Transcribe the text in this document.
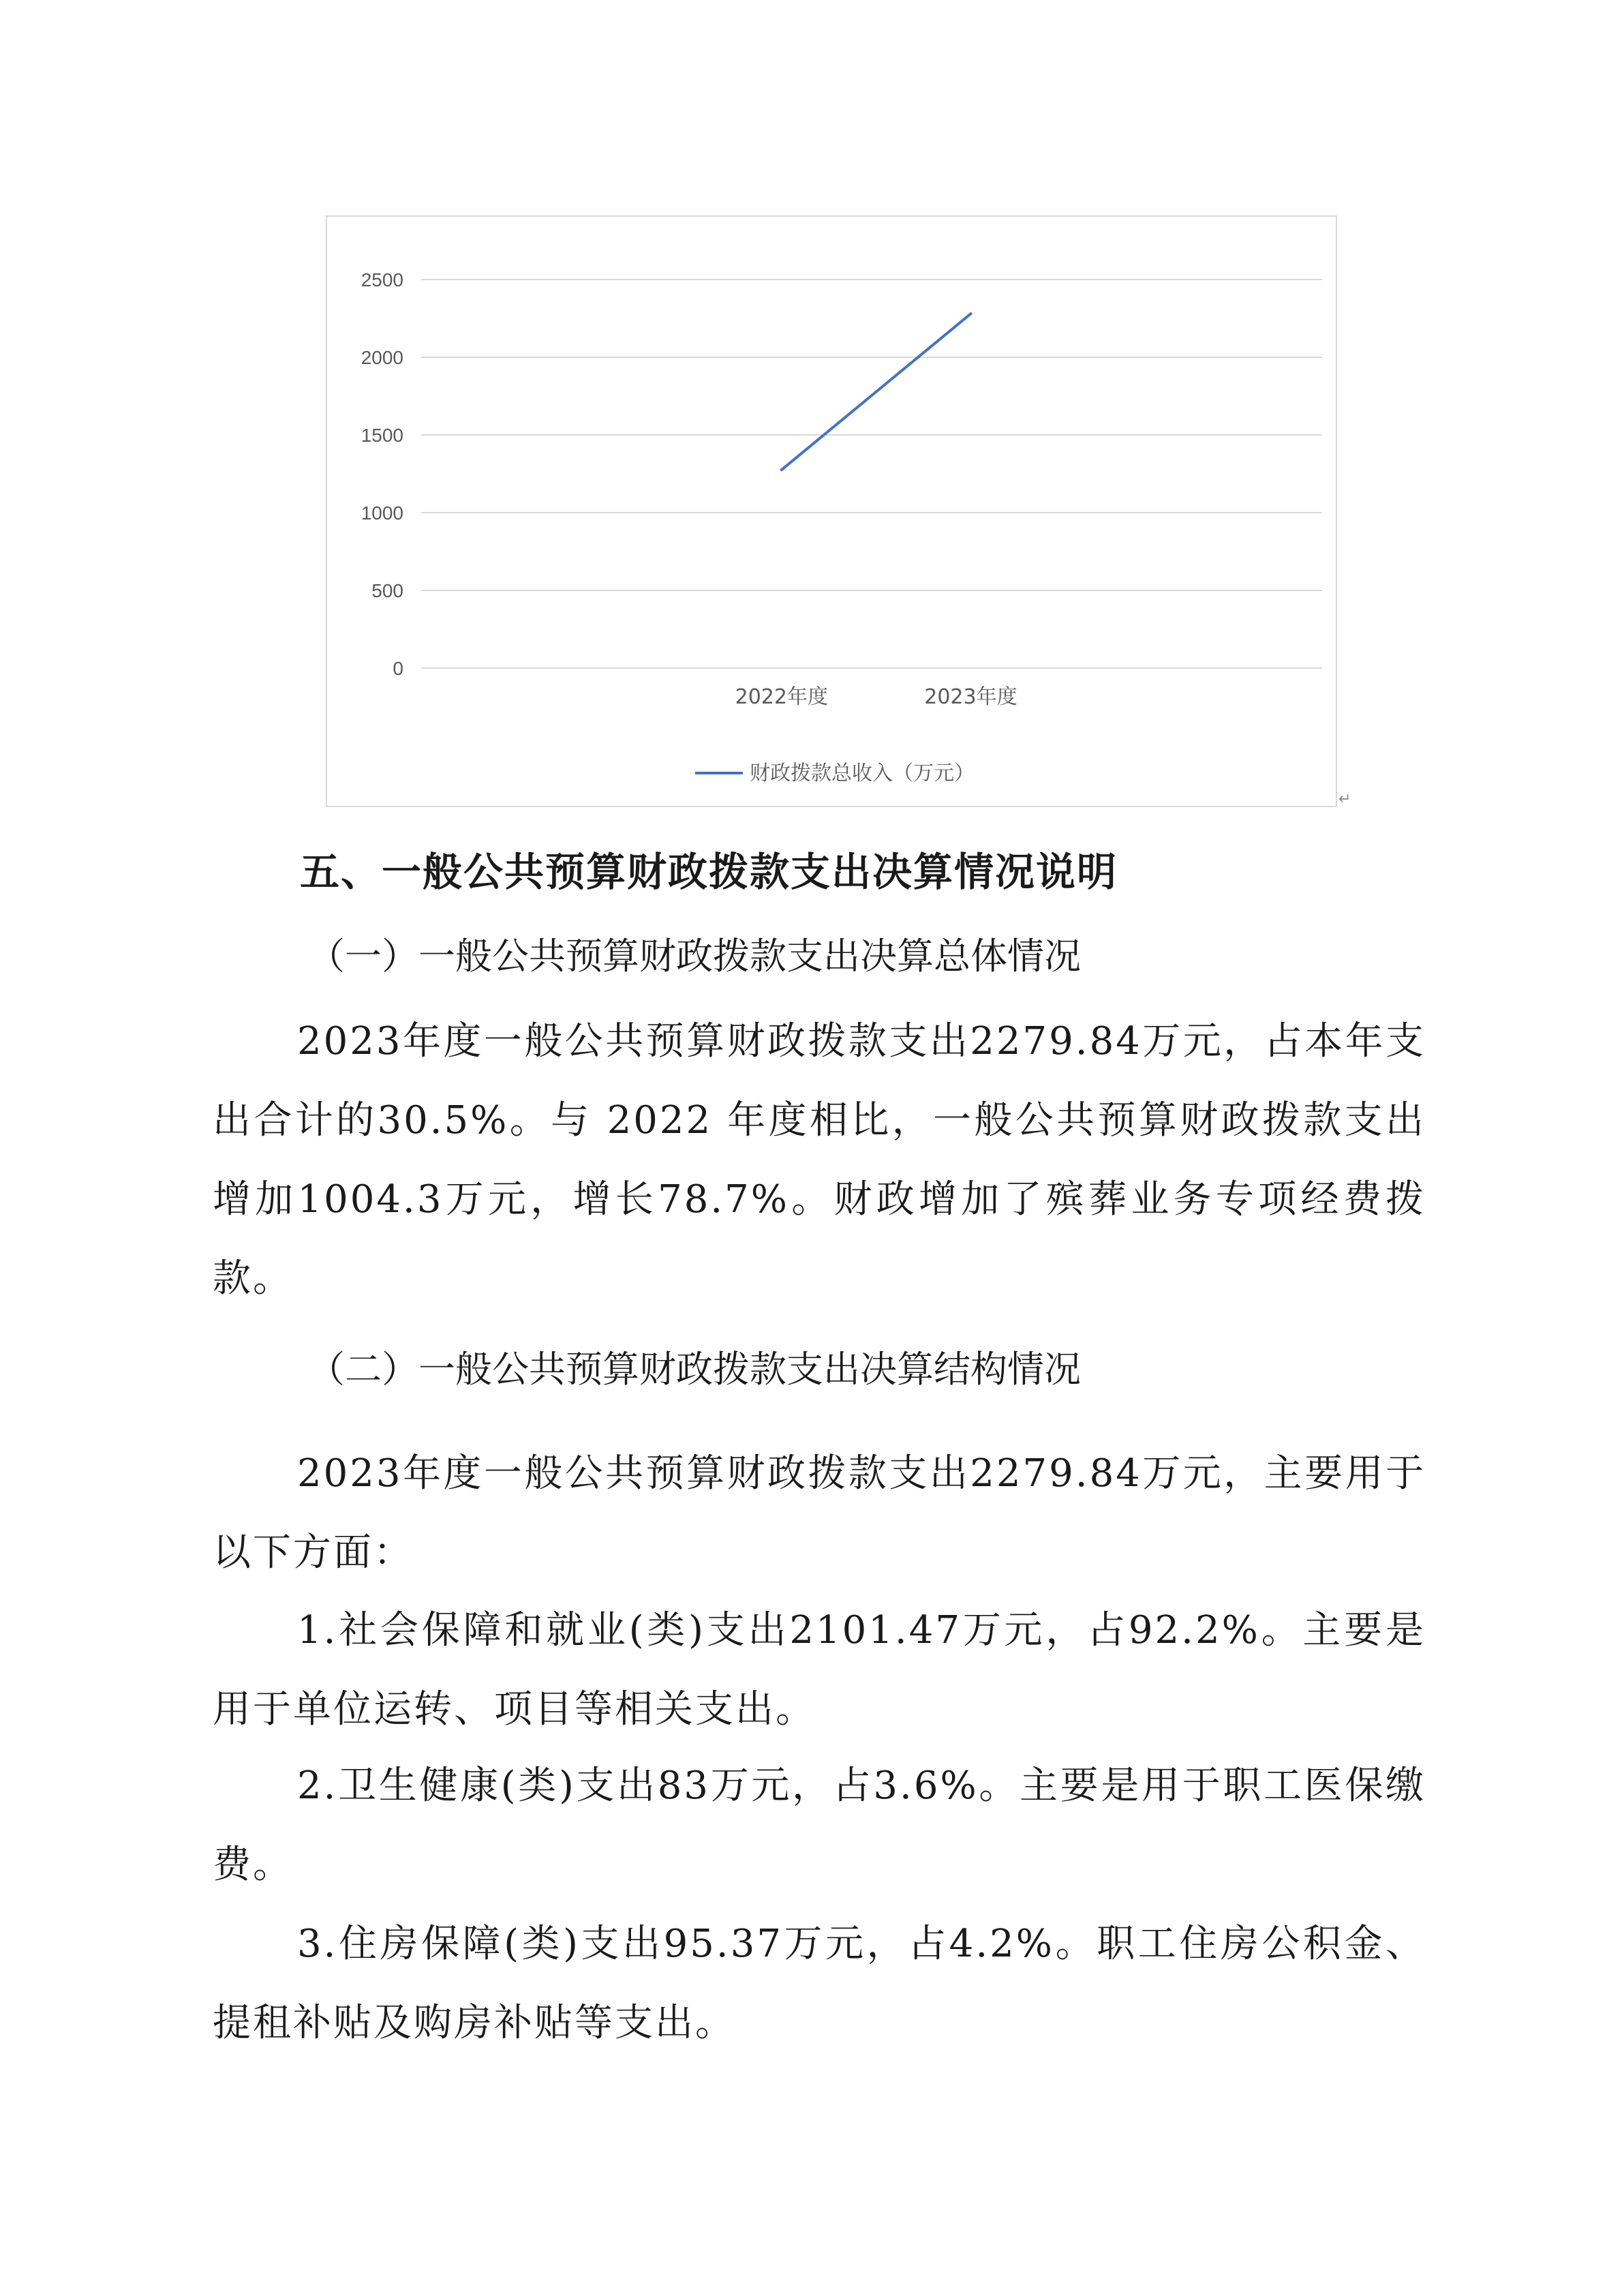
0
500
1000
1500
2000
2500
2022年度	2023年度
财政拨款总收入（万元）
↵
五、一般公共预算财政拨款支出决算情况说明
（一）一般公共预算财政拨款支出决算总体情况
2023年度一般公共预算财政拨款支出2279.84万元，占本年支出合计的30.5%。与 2022 年度相比，一般公共预算财政拨款支出增加1004.3万元，增长78.7%。财政增加了殡葬业务专项经费拨款。
（二）一般公共预算财政拨款支出决算结构情况
2023年度一般公共预算财政拨款支出2279.84万元，主要用于以下方面：
1.社会保障和就业(类)支出2101.47万元，占92.2%。主要是用于单位运转、项目等相关支出。
2.卫生健康(类)支出83万元，占3.6%。主要是用于职工医保缴费。
3.住房保障(类)支出95.37万元，占4.2%。职工住房公积金、提租补贴及购房补贴等支出。
